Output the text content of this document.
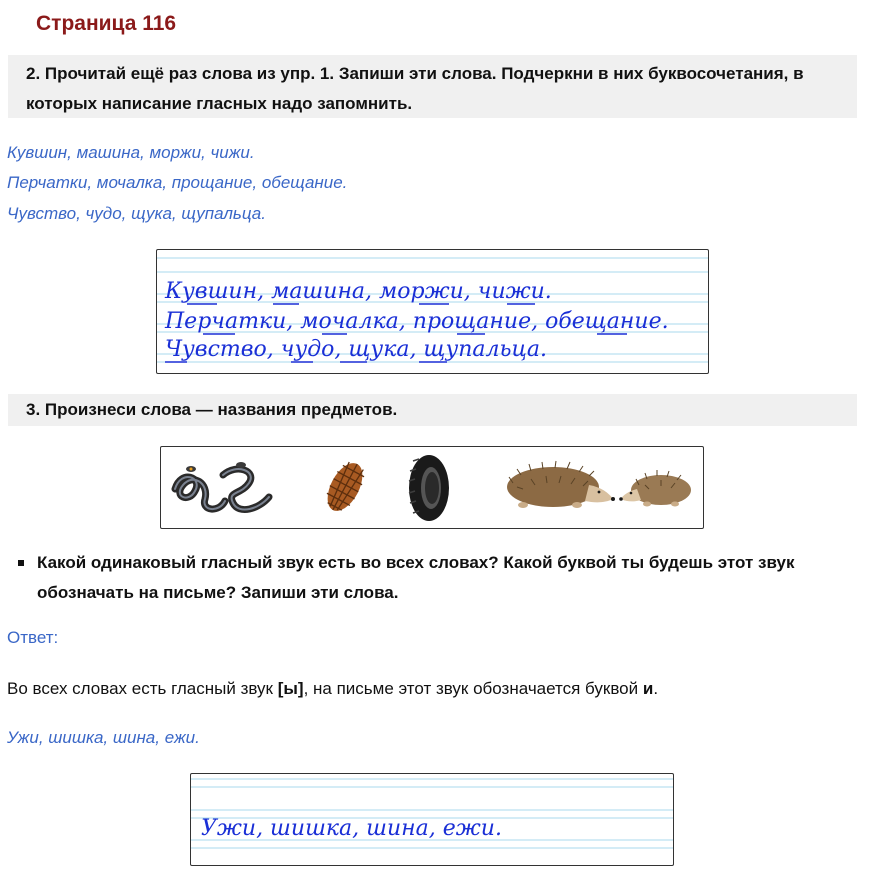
Страница 116
2. Прочитай ещё раз слова из упр. 1. Запиши эти слова. Подчеркни в них буквосочетания, в которых написание гласных надо запомнить.

Кувшин, машина, моржи, чижи.

Перчатки, мочалка, прощание, обещание.

Чувство, чудо, щука, щупальца.

Кувшин, машина, моржи, чижи.
Перчатки, мочалка, прощание, обещание.
Чувство, чудо, щука, щупальца.
3. Произнеси слова — названия предметов.

Какой одинаковый гласный звук есть во всех словах? Какой буквой ты будешь этот звук обозначать на письме? Запиши эти слова.

Ответ:

Во всех словах есть гласный звук [ы], на письме этот звук обозначается буквой и.

Ужи, шишка, шина, ежи.

Ужи, шишка, шина, ежи.
